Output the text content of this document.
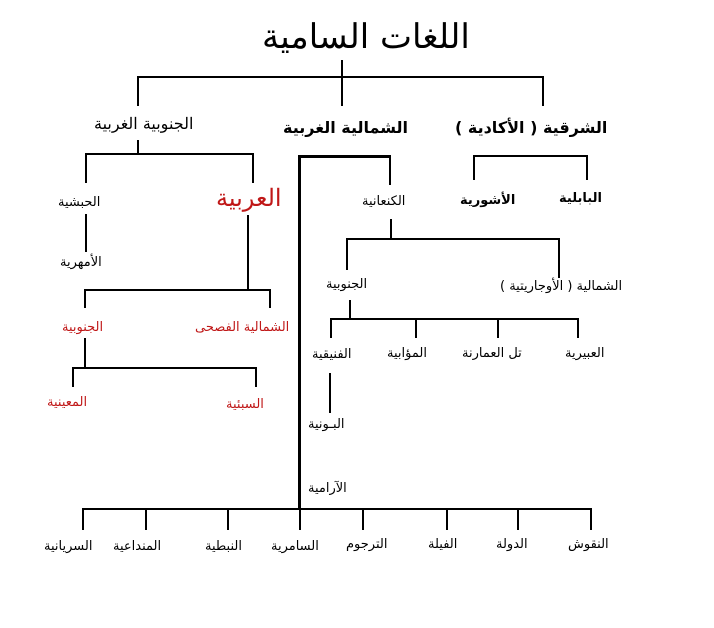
اللغات السامية
الشرقية ( الأكادية )
الشمالية الغربية
الجنوبية الغربية
البابلية
الأشورية
العربية
الحبشية
الأمهرية
الشمالية الفصحى
الجنوبية
السبئية
المعينية
الكنعانية
الشمالية ( الأوجاريتية )
الجنوبية
العبيرية
تل العمارنة
المؤابية
الفنيقية
البـونية
الآرامية
النقوش
الدولة
الفيلة
الترجوم
السامرية
النبطية
المنداعية
السريانية
